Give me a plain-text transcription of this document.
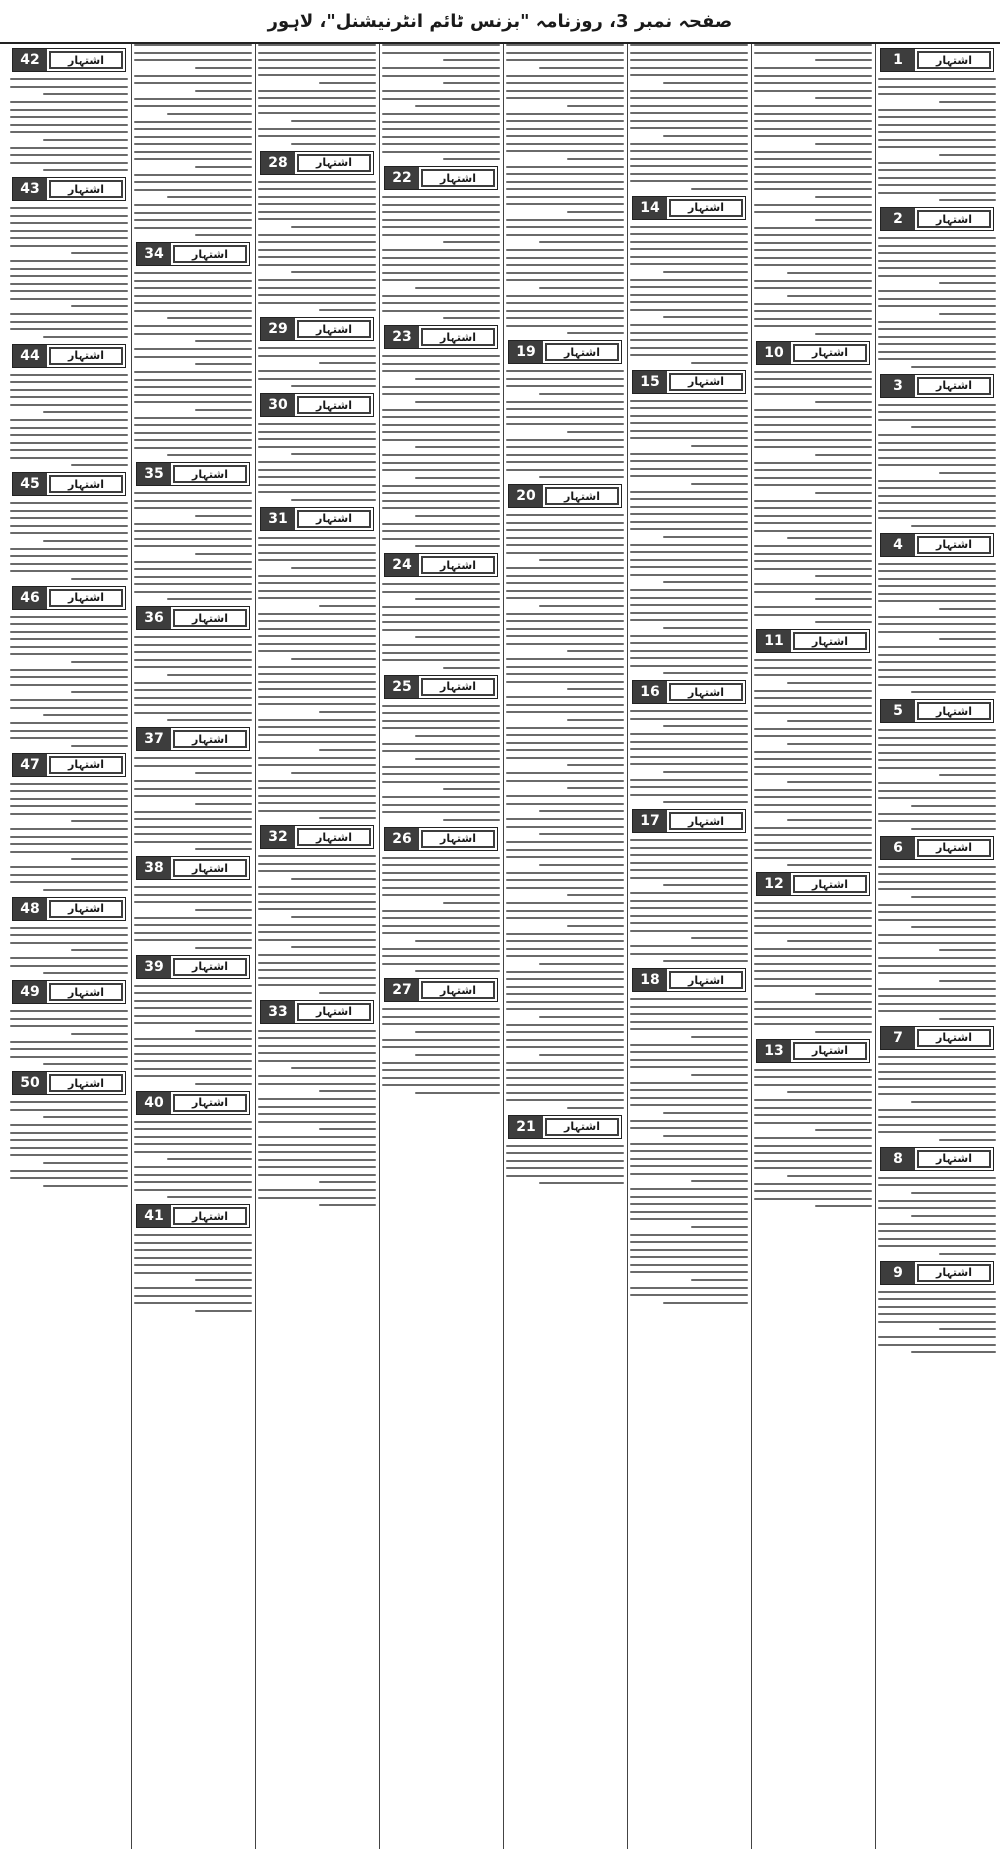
صفحہ نمبر 3، روزنامہ "بزنس ٹائم انٹرنیشنل"، لاہور
1	اشتہار
2	اشتہار
3	اشتہار
4	اشتہار
5	اشتہار
6	اشتہار
7	اشتہار
8	اشتہار
9	اشتہار
10	اشتہار
11	اشتہار
12	اشتہار
13	اشتہار
14	اشتہار
15	اشتہار
16	اشتہار
17	اشتہار
18	اشتہار
19	اشتہار
20	اشتہار
21	اشتہار
22	اشتہار
23	اشتہار
24	اشتہار
25	اشتہار
26	اشتہار
27	اشتہار
28	اشتہار
29	اشتہار
30	اشتہار
31	اشتہار
32	اشتہار
33	اشتہار
34	اشتہار
35	اشتہار
36	اشتہار
37	اشتہار
38	اشتہار
39	اشتہار
40	اشتہار
41	اشتہار
42	اشتہار
43	اشتہار
44	اشتہار
45	اشتہار
46	اشتہار
47	اشتہار
48	اشتہار
49	اشتہار
50	اشتہار
